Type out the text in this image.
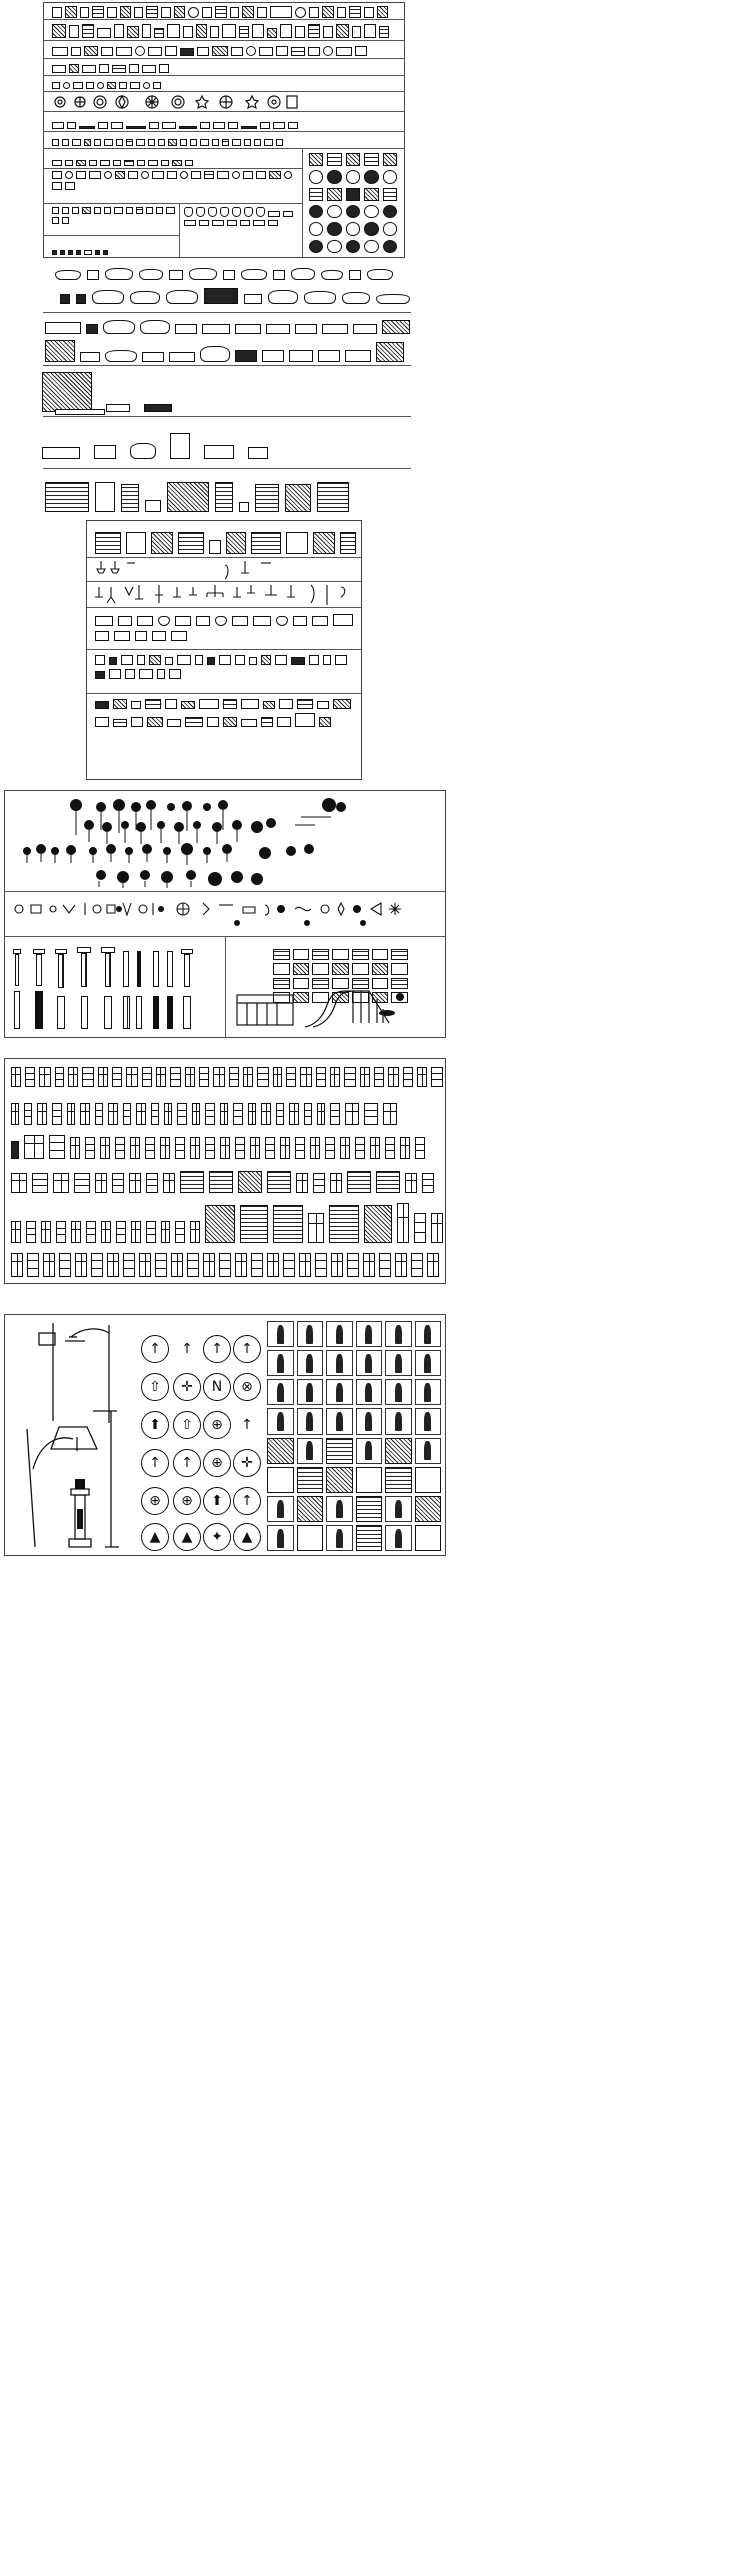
↑
⇧
⬆
↑
⊕
▲
↑
✛
⇧
↑
⊕
▲
↑
N
⊕
⊕
⬆
✦
↑
⊗
↑
✛
↑
▲
